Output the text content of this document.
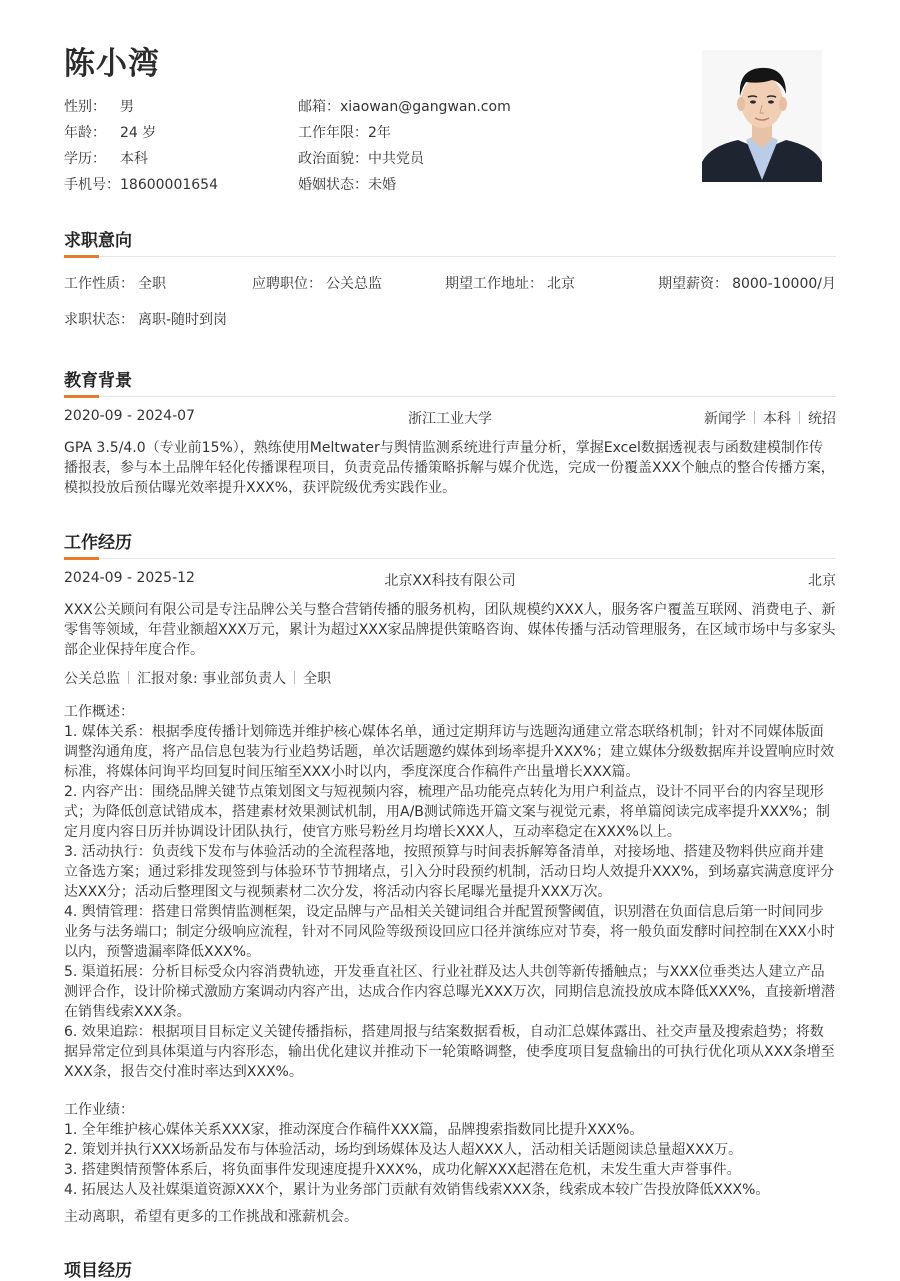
陈小湾
性别： 男
年龄： 24 岁
学历： 本科
手机号：18600001654
邮箱：xiaowan@gangwan.com
工作年限：2年
政治面貌：中共党员
婚姻状态：未婚
求职意向
工作性质： 全职	应聘职位： 公关总监	期望工作地址： 北京	期望薪资： 8000-10000/月
求职状态： 离职-随时到岗
教育背景
2020-09 - 2024-07	浙江工业大学	新闻学 本科 统招
GPA 3.5/4.0（专业前15%），熟练使用Meltwater与舆情监测系统进行声量分析，掌握Excel数据透视表与函数建模制作传播报表，参与本土品牌年轻化传播课程项目，负责竞品传播策略拆解与媒介优选，完成一份覆盖XXX个触点的整合传播方案，模拟投放后预估曝光效率提升XXX%，获评院级优秀实践作业。
工作经历
2024-09 - 2025-12	北京XX科技有限公司	北京
XXX公关顾问有限公司是专注品牌公关与整合营销传播的服务机构，团队规模约XXX人，服务客户覆盖互联网、消费电子、新零售等领域，年营业额超XXX万元，累计为超过XXX家品牌提供策略咨询、媒体传播与活动管理服务，在区域市场中与多家头部企业保持年度合作。
公关总监 汇报对象: 事业部负责人 全职
工作概述：
1. 媒体关系：根据季度传播计划筛选并维护核心媒体名单，通过定期拜访与选题沟通建立常态联络机制；针对不同媒体版面调整沟通角度，将产品信息包装为行业趋势话题，单次话题邀约媒体到场率提升XXX%；建立媒体分级数据库并设置响应时效标准，将媒体问询平均回复时间压缩至XXX小时以内，季度深度合作稿件产出量增长XXX篇。
2. 内容产出：围绕品牌关键节点策划图文与短视频内容，梳理产品功能亮点转化为用户利益点，设计不同平台的内容呈现形式；为降低创意试错成本，搭建素材效果测试机制，用A/B测试筛选开篇文案与视觉元素，将单篇阅读完成率提升XXX%；制定月度内容日历并协调设计团队执行，使官方账号粉丝月均增长XXX人，互动率稳定在XXX%以上。
3. 活动执行：负责线下发布与体验活动的全流程落地，按照预算与时间表拆解筹备清单，对接场地、搭建及物料供应商并建立备选方案；通过彩排发现签到与体验环节节拥堵点，引入分时段预约机制，活动日均人效提升XXX%，到场嘉宾满意度评分达XXX分；活动后整理图文与视频素材二次分发，将活动内容长尾曝光量提升XXX万次。
4. 舆情管理：搭建日常舆情监测框架，设定品牌与产品相关关键词组合并配置预警阈值，识别潜在负面信息后第一时间同步业务与法务端口；制定分级响应流程，针对不同风险等级预设回应口径并演练应对节奏，将一般负面发酵时间控制在XXX小时以内，预警遗漏率降低XXX%。
5. 渠道拓展：分析目标受众内容消费轨迹，开发垂直社区、行业社群及达人共创等新传播触点；与XXX位垂类达人建立产品测评合作，设计阶梯式激励方案调动内容产出，达成合作内容总曝光XXX万次，同期信息流投放成本降低XXX%，直接新增潜在销售线索XXX条。
6. 效果追踪：根据项目目标定义关键传播指标，搭建周报与结案数据看板，自动汇总媒体露出、社交声量及搜索趋势；将数据异常定位到具体渠道与内容形态，输出优化建议并推动下一轮策略调整，使季度项目复盘输出的可执行优化项从XXX条增至XXX条，报告交付准时率达到XXX%。
工作业绩：
1. 全年维护核心媒体关系XXX家，推动深度合作稿件XXX篇，品牌搜索指数同比提升XXX%。
2. 策划并执行XXX场新品发布与体验活动，场均到场媒体及达人超XXX人，活动相关话题阅读总量超XXX万。
3. 搭建舆情预警体系后，将负面事件发现速度提升XXX%，成功化解XXX起潜在危机，未发生重大声誉事件。
4. 拓展达人及社媒渠道资源XXX个，累计为业务部门贡献有效销售线索XXX条，线索成本较广告投放降低XXX%。
主动离职，希望有更多的工作挑战和涨薪机会。
项目经历
